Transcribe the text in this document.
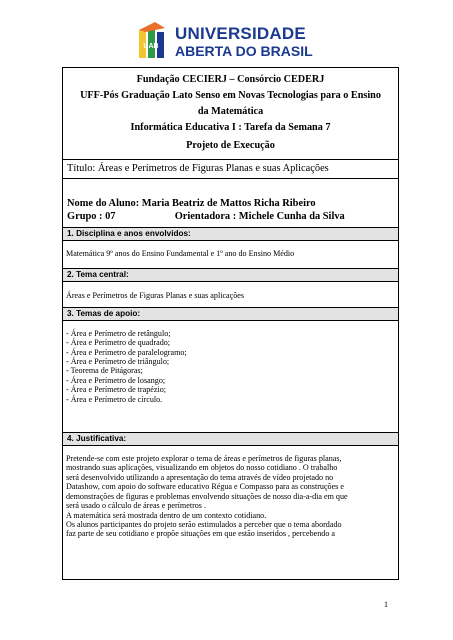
UAB
UNIVERSIDADE
ABERTA DO BRASIL
Fundação CECIERJ – Consórcio CEDERJ
UFF-Pós Graduação Lato Senso em Novas Tecnologias para o Ensino
da Matemática
Informática Educativa I : Tarefa da Semana 7
Projeto de Execução
Título: Áreas e Perímetros de Figuras Planas e suas Aplicações
Nome do Aluno: Maria Beatriz de Mattos Richa Ribeiro
Grupo : 07	Orientadora : Michele Cunha da Silva
1. Disciplina e anos envolvidos:
Matemática 9º anos do Ensino Fundamental e 1º ano do Ensino Médio
2. Tema central:
Áreas e Perímetros de Figuras Planas e suas aplicações
3. Temas de apoio:
- Área e Perímetro de retângulo;
- Área e Perímetro de quadrado;
- Área e Perímetro de paralelogramo;
- Área e Perímetro de triângulo;
- Teorema de Pitágoras;
- Área e Perímetro de losango;
- Área e Perímetro de trapézio;
- Área e Perímetro de círculo.
4. Justificativa:
Pretende-se com este projeto explorar o tema de áreas e perímetros de figuras planas,
mostrando suas aplicações, visualizando em objetos do nosso cotidiano . O trabalho
será desenvolvido utilizando a apresentação do tema através de vídeo projetado no
Datashow, com apoio do software educativo Régua e Compasso para as construções e
demonstrações de figuras e problemas envolvendo situações de nosso dia-a-dia em que
será usado o cálculo de áreas e perímetros .
A matemática será mostrada dentro de um contexto cotidiano.
Os alunos participantes do projeto serão estimulados a perceber que o tema abordado
faz parte de seu cotidiano e propõe situações em que estão inseridos , percebendo a
1
